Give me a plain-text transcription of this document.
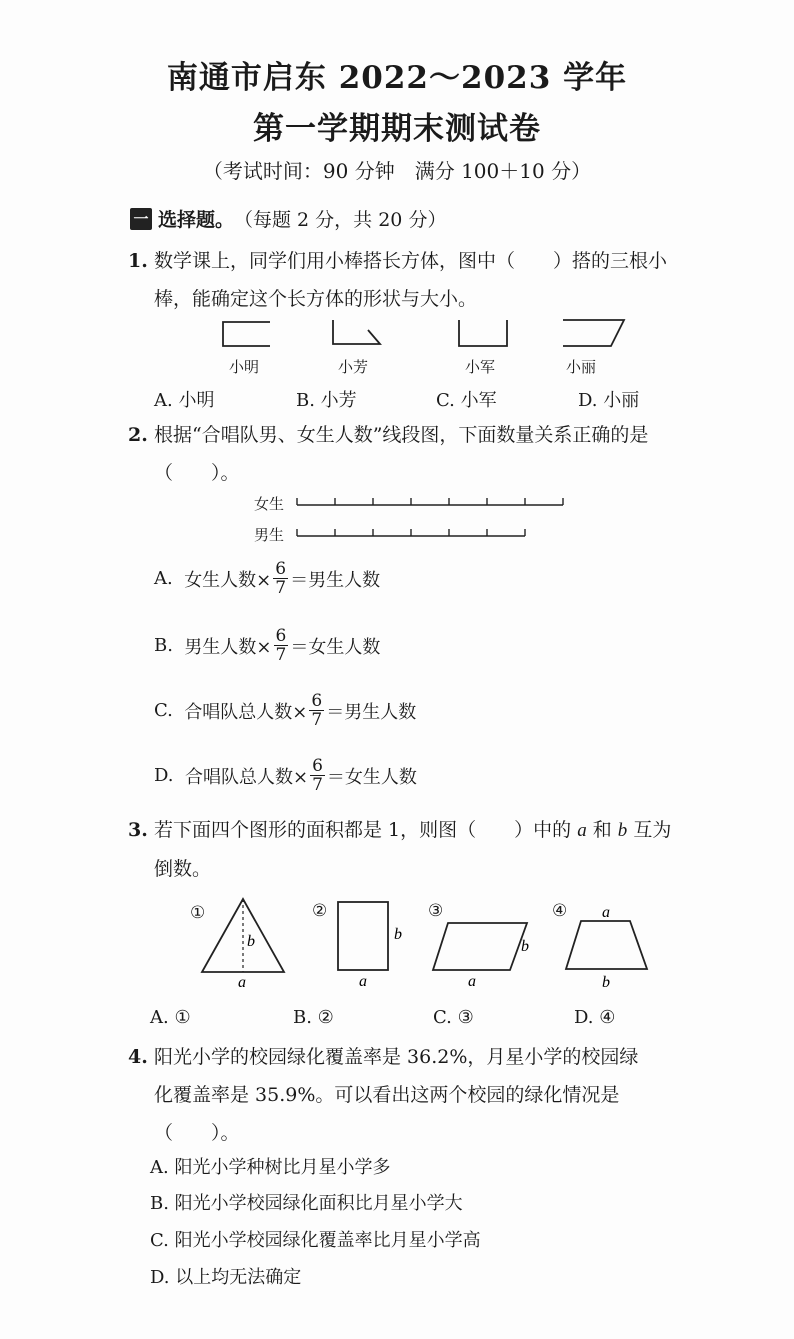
南通市启东 2022～2023 学年
第一学期期末测试卷
（考试时间：90 分钟　满分 100＋10 分）
一 选择题。 （每题 2 分，共 20 分）
1. 数学课上，同学们用小棒搭长方体，图中（　　）搭的三根小
棒，能确定这个长方体的形状与大小。
小明	小芳	小军	小丽
A. 小明	B. 小芳	C. 小军	D. 小丽
2. 根据“合唱队男、女生人数”线段图，下面数量关系正确的是
（　　）。
女生
男生
A.
女生人数× $\frac{6}{7}$ ＝男生人数
B.
男生人数× $\frac{6}{7}$ ＝女生人数
C.
合唱队总人数× $\frac{6}{7}$ ＝男生人数
D.
合唱队总人数× $\frac{6}{7}$ ＝女生人数
3. 若下面四个图形的面积都是 1，则图（　　）中的 a 和 b 互为
倒数。
①	②	③	④
b
a
b
a
b
a
a
b
A. ①	B. ②	C. ③	D. ④
4. 阳光小学的校园绿化覆盖率是 36.2%，月星小学的校园绿
化覆盖率是 35.9%。可以看出这两个校园的绿化情况是
（　　）。
A. 阳光小学种树比月星小学多
B. 阳光小学校园绿化面积比月星小学大
C. 阳光小学校园绿化覆盖率比月星小学高
D. 以上均无法确定
